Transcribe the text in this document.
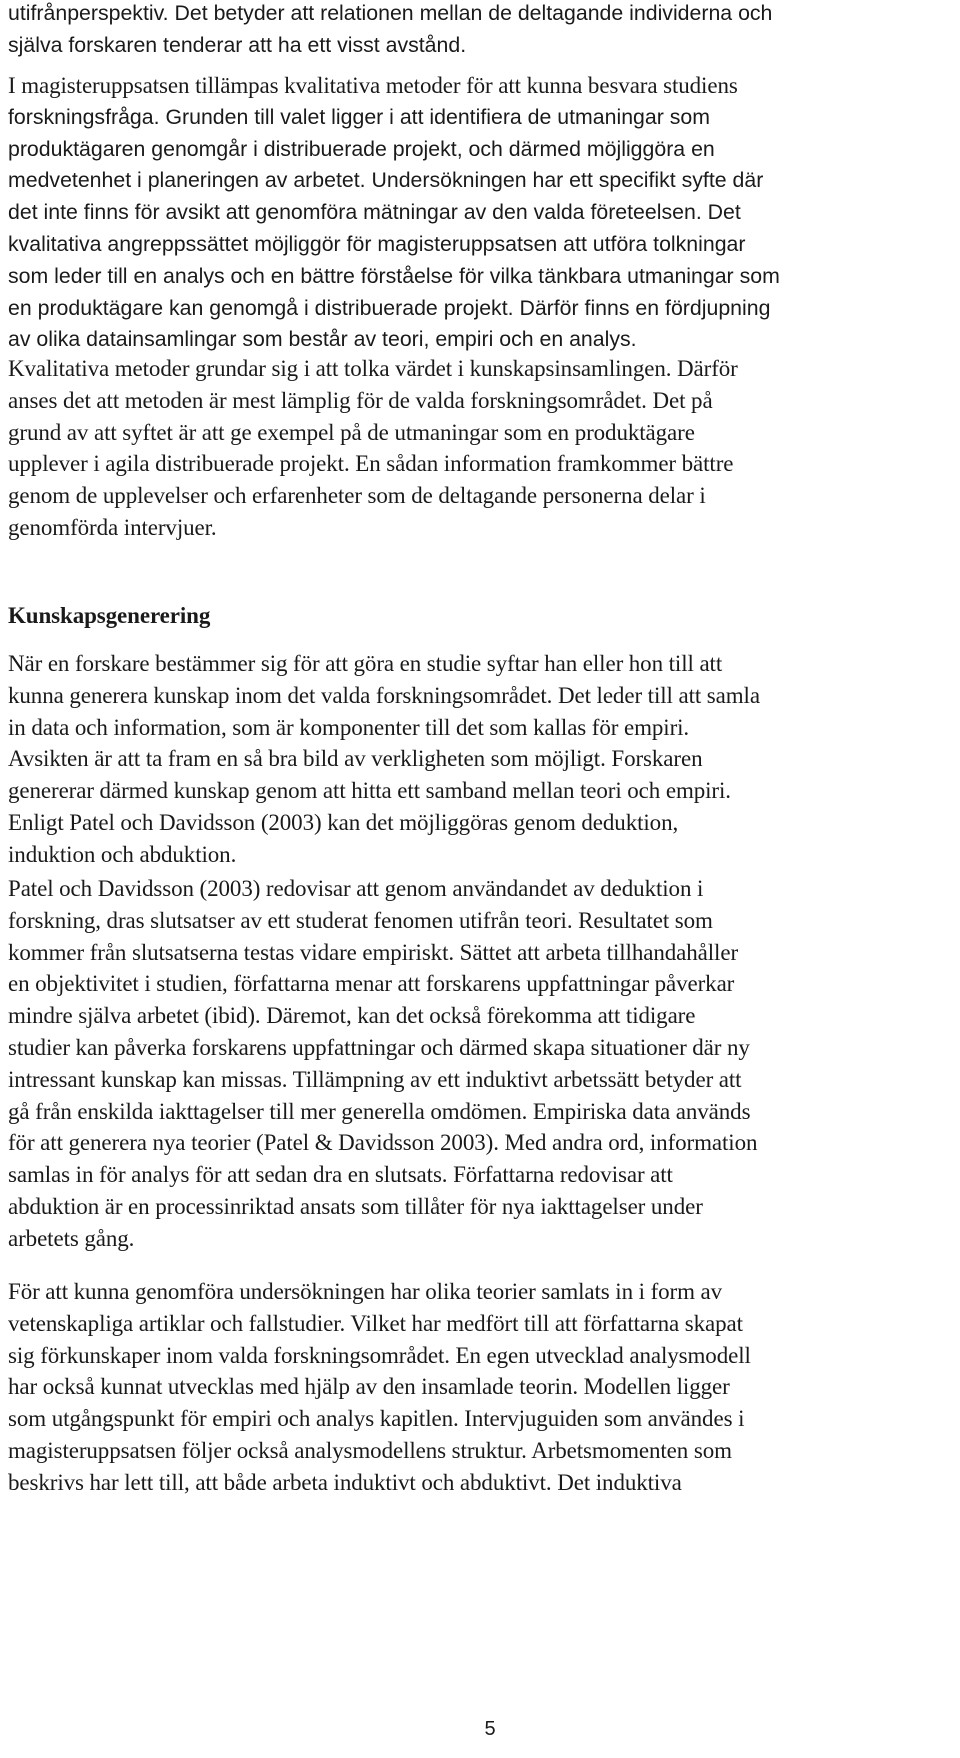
utifrånperspektiv. Det betyder att relationen mellan de deltagande individerna och
själva forskaren tenderar att ha ett visst avstånd.
I magisteruppsatsen tillämpas kvalitativa metoder för att kunna besvara studiens
forskningsfråga. Grunden till valet ligger i att identifiera de utmaningar som
produktägaren genomgår i distribuerade projekt, och därmed möjliggöra en
medvetenhet i planeringen av arbetet. Undersökningen har ett specifikt syfte där
det inte finns för avsikt att genomföra mätningar av den valda företeelsen. Det
kvalitativa angreppssättet möjliggör för magisteruppsatsen att utföra tolkningar
som leder till en analys och en bättre förståelse för vilka tänkbara utmaningar som
en produktägare kan genomgå i distribuerade projekt. Därför finns en fördjupning
av olika datainsamlingar som består av teori, empiri och en analys.
Kvalitativa metoder grundar sig i att tolka värdet i kunskapsinsamlingen. Därför
anses det att metoden är mest lämplig för de valda forskningsområdet. Det på
grund av att syftet är att ge exempel på de utmaningar som en produktägare
upplever i agila distribuerade projekt. En sådan information framkommer bättre
genom de upplevelser och erfarenheter som de deltagande personerna delar i
genomförda intervjuer.
Kunskapsgenerering
När en forskare bestämmer sig för att göra en studie syftar han eller hon till att
kunna generera kunskap inom det valda forskningsområdet. Det leder till att samla
in data och information, som är komponenter till det som kallas för empiri.
Avsikten är att ta fram en så bra bild av verkligheten som möjligt. Forskaren
genererar därmed kunskap genom att hitta ett samband mellan teori och empiri.
Enligt Patel och Davidsson (2003) kan det möjliggöras genom deduktion,
induktion och abduktion.
Patel och Davidsson (2003) redovisar att genom användandet av deduktion i
forskning, dras slutsatser av ett studerat fenomen utifrån teori. Resultatet som
kommer från slutsatserna testas vidare empiriskt. Sättet att arbeta tillhandahåller
en objektivitet i studien, författarna menar att forskarens uppfattningar påverkar
mindre själva arbetet (ibid). Däremot, kan det också förekomma att tidigare
studier kan påverka forskarens uppfattningar och därmed skapa situationer där ny
intressant kunskap kan missas. Tillämpning av ett induktivt arbetssätt betyder att
gå från enskilda iakttagelser till mer generella omdömen. Empiriska data används
för att generera nya teorier (Patel & Davidsson 2003). Med andra ord, information
samlas in för analys för att sedan dra en slutsats. Författarna redovisar att
abduktion är en processinriktad ansats som tillåter för nya iakttagelser under
arbetets gång.
För att kunna genomföra undersökningen har olika teorier samlats in i form av
vetenskapliga artiklar och fallstudier. Vilket har medfört till att författarna skapat
sig förkunskaper inom valda forskningsområdet. En egen utvecklad analysmodell
har också kunnat utvecklas med hjälp av den insamlade teorin. Modellen ligger
som utgångspunkt för empiri och analys kapitlen. Intervjuguiden som användes i
magisteruppsatsen följer också analysmodellens struktur. Arbetsmomenten som
beskrivs har lett till, att både arbeta induktivt och abduktivt. Det induktiva
5
